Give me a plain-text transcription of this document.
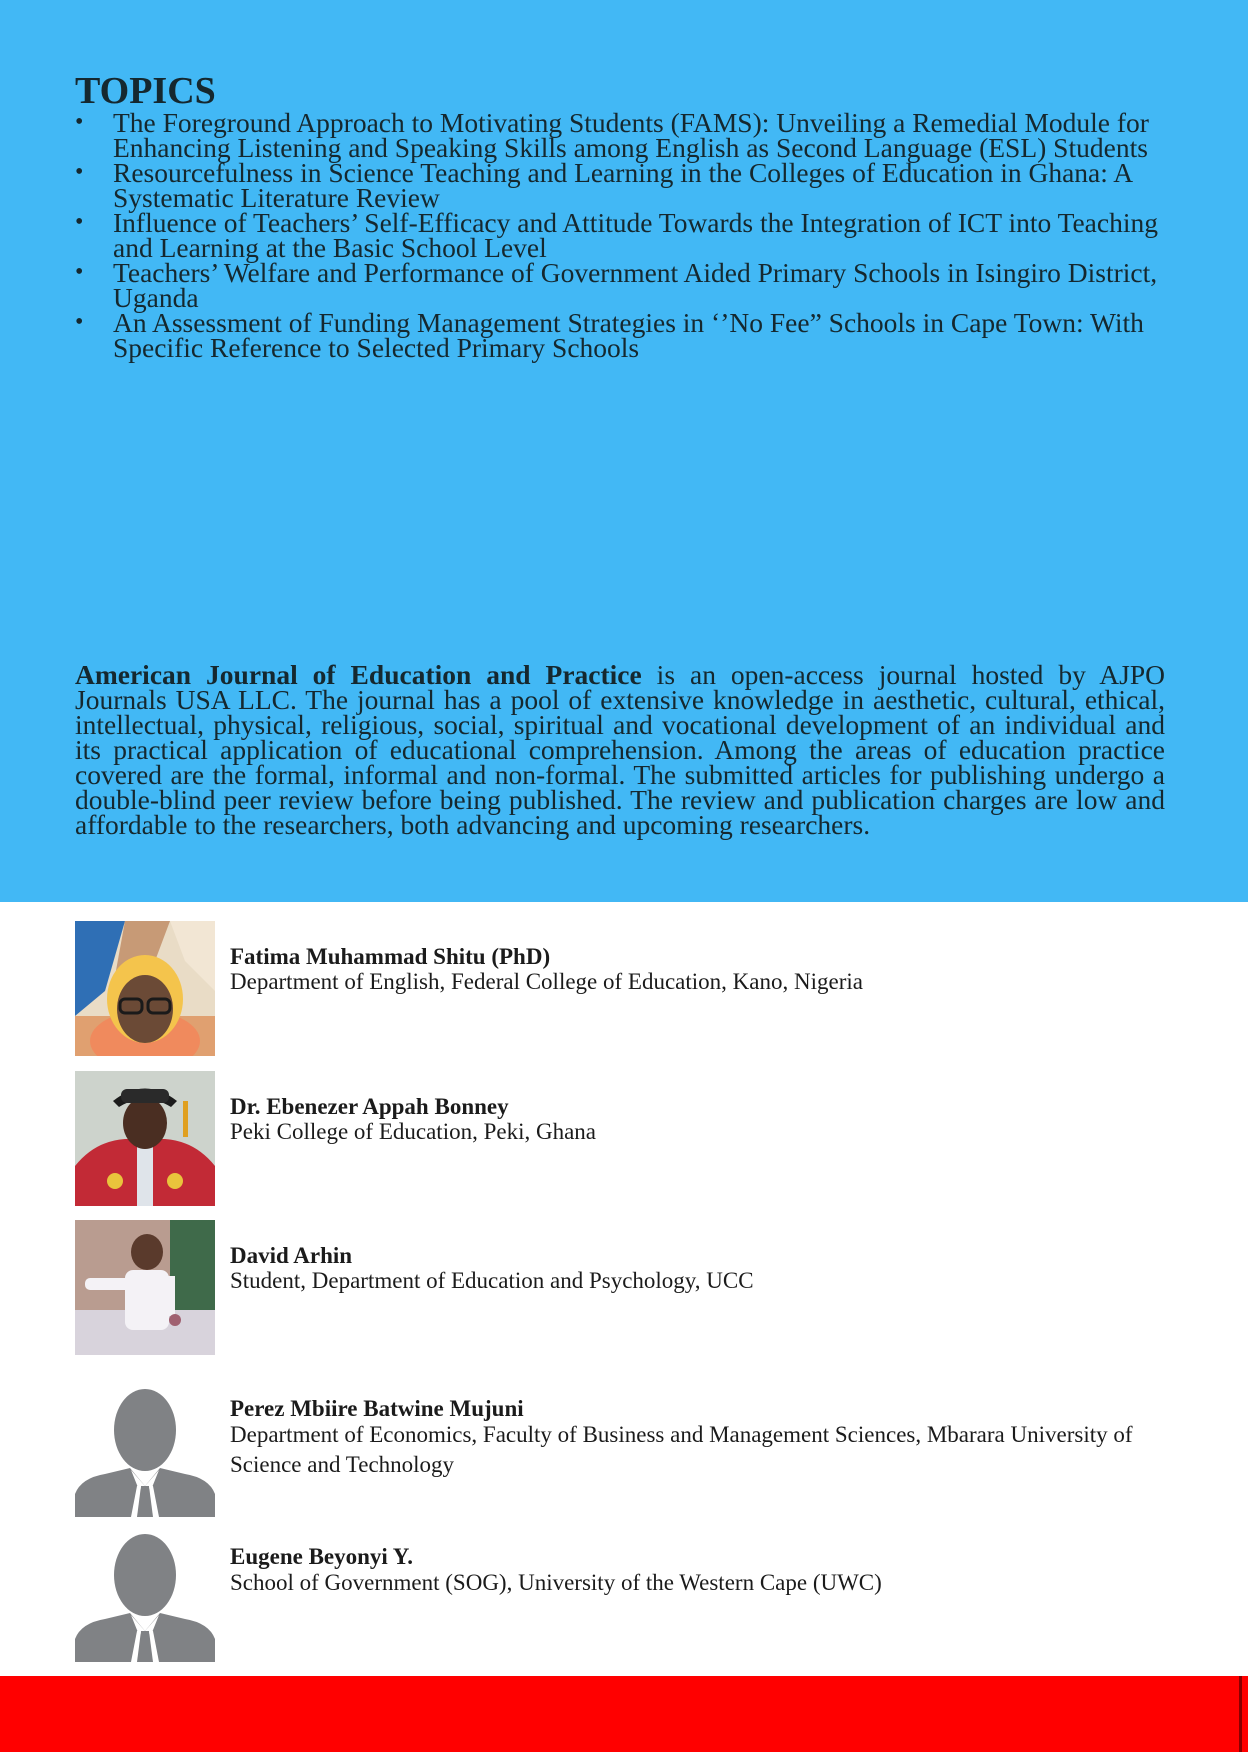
TOPICS
• The Foreground Approach to Motivating Students (FAMS): Unveiling a Remedial Module for Enhancing Listening and Speaking Skills among English as Second Language (ESL) Students
• Resourcefulness in Science Teaching and Learning in the Colleges of Education in Ghana: A Systematic Literature Review
• Influence of Teachers’ Self-Efficacy and Attitude Towards the Integration of ICT into Teaching and Learning at the Basic School Level
• Teachers’ Welfare and Performance of Government Aided Primary Schools in Isingiro District, Uganda
• An Assessment of Funding Management Strategies in ‘’No Fee” Schools in Cape Town: With Specific Reference to Selected Primary Schools

American Journal of Education and Practice is an open-access journal hosted by AJPO Journals USA LLC. The journal has a pool of extensive knowledge in aesthetic, cultural, ethical, intellectual, physical, religious, social, spiritual and vocational development of an individual and its practical application of educational comprehension. Among the areas of education practice covered are the formal, informal and non-formal. The submitted articles for publishing undergo a double-blind peer review before being published. The review and publication charges are low and affordable to the researchers, both advancing and upcoming researchers.

Fatima Muhammad Shitu (PhD)
Department of English, Federal College of Education, Kano, Nigeria
Dr. Ebenezer Appah Bonney
Peki College of Education, Peki, Ghana
David Arhin
Student, Department of Education and Psychology, UCC
Perez Mbiire Batwine Mujuni
Department of Economics, Faculty of Business and Management Sciences, Mbarara University of Science and Technology
Eugene Beyonyi Y.
School of Government (SOG), University of the Western Cape (UWC)
